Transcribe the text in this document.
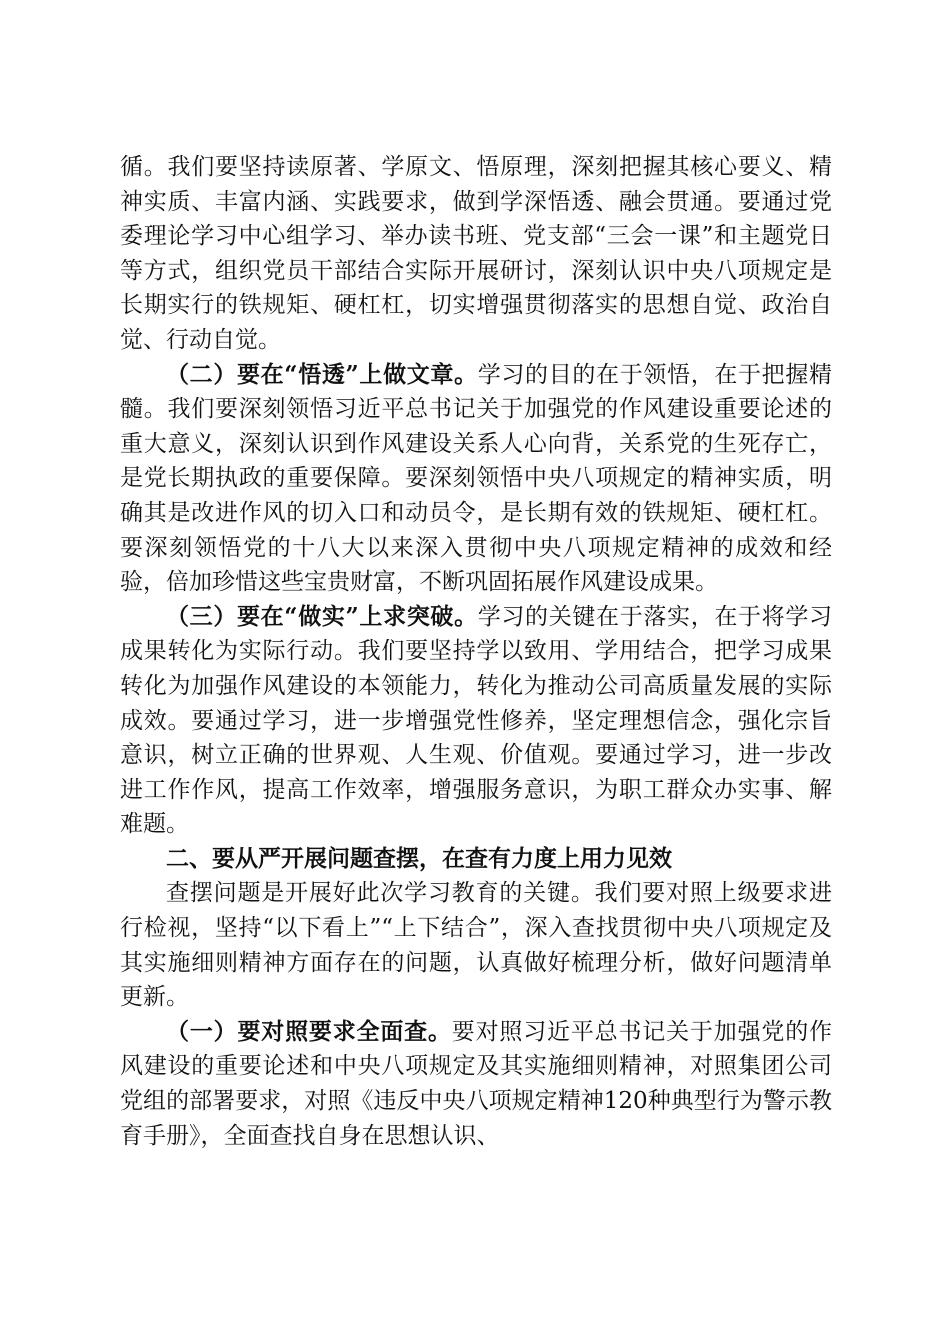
循。我们要坚持读原著、学原文、悟原理，深刻把握其核心要义、精神实质、丰富内涵、实践要求，做到学深悟透、融会贯通。要通过党委理论学习中心组学习、举办读书班、党支部“三会一课”和主题党日等方式，组织党员干部结合实际开展研讨，深刻认识中央八项规定是长期实行的铁规矩、硬杠杠，切实增强贯彻落实的思想自觉、政治自觉、行动自觉。

（二）要在“悟透”上做文章。学习的目的在于领悟，在于把握精髓。我们要深刻领悟习近平总书记关于加强党的作风建设重要论述的重大意义，深刻认识到作风建设关系人心向背，关系党的生死存亡，是党长期执政的重要保障。要深刻领悟中央八项规定的精神实质，明确其是改进作风的切入口和动员令，是长期有效的铁规矩、硬杠杠。要深刻领悟党的十八大以来深入贯彻中央八项规定精神的成效和经验，倍加珍惜这些宝贵财富，不断巩固拓展作风建设成果。

（三）要在“做实”上求突破。学习的关键在于落实，在于将学习成果转化为实际行动。我们要坚持学以致用、学用结合，把学习成果转化为加强作风建设的本领能力，转化为推动公司高质量发展的实际成效。要通过学习，进一步增强党性修养，坚定理想信念，强化宗旨意识，树立正确的世界观、人生观、价值观。要通过学习，进一步改进工作作风，提高工作效率，增强服务意识，为职工群众办实事、解难题。

二、要从严开展问题查摆，在查有力度上用力见效

查摆问题是开展好此次学习教育的关键。我们要对照上级要求进行检视，坚持“以下看上”“上下结合”，深入查找贯彻中央八项规定及其实施细则精神方面存在的问题，认真做好梳理分析，做好问题清单更新。

（一）要对照要求全面查。要对照习近平总书记关于加强党的作风建设的重要论述和中央八项规定及其实施细则精神，对照集团公司党组的部署要求，对照《违反中央八项规定精神120种典型行为警示教育手册》，全面查找自身在思想认识、
